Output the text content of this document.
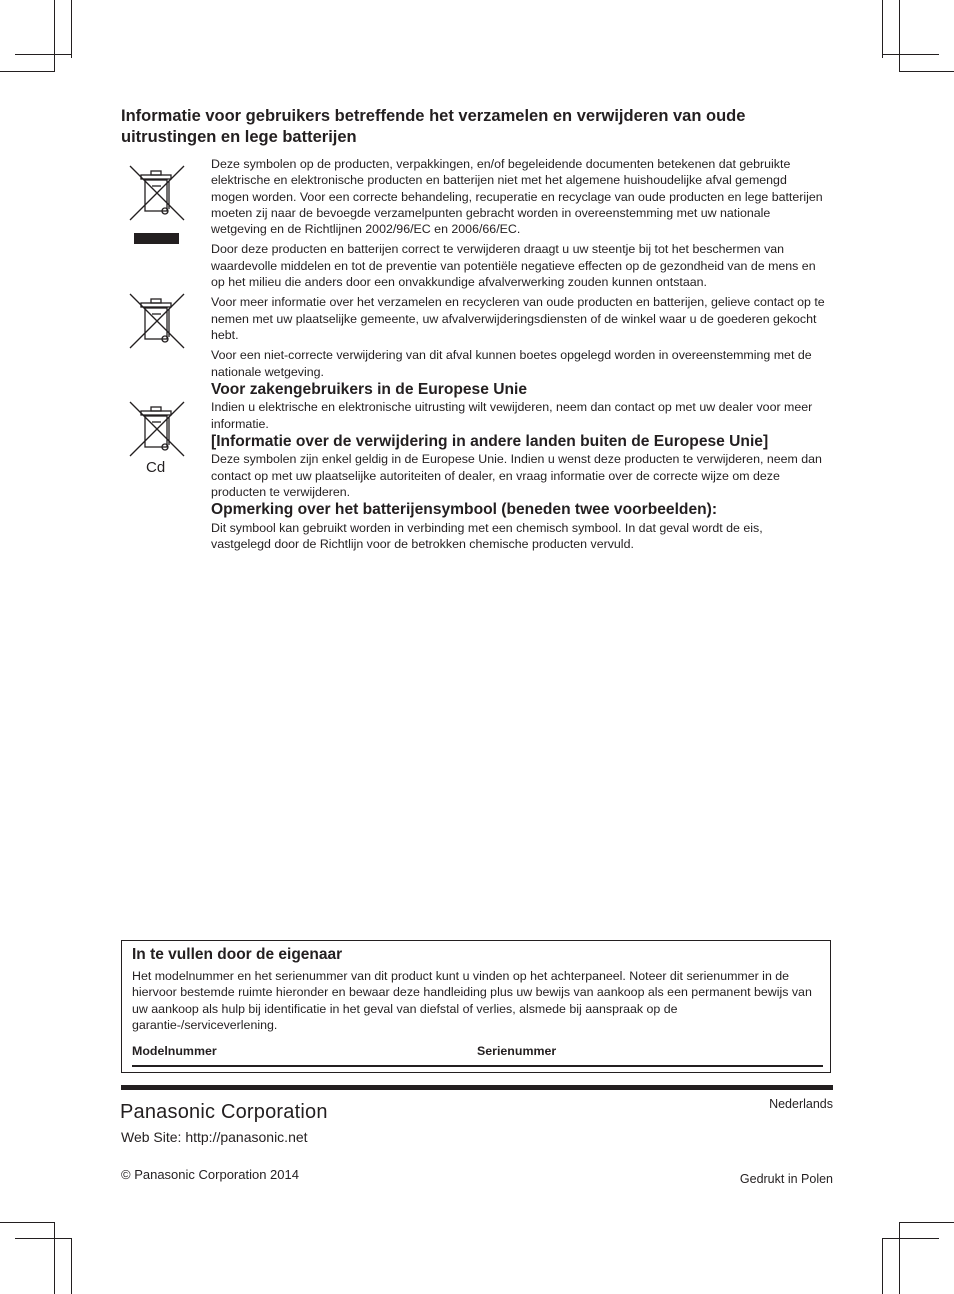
Informatie voor gebruikers betreffende het verzamelen en verwijderen van oude uitrustingen en lege batterijen
Cd

Deze symbolen op de producten, verpakkingen, en/of begeleidende documenten betekenen dat gebruikte elektrische en elektronische producten en batterijen niet met het algemene huishoudelijke afval gemengd mogen worden. Voor een correcte behandeling, recuperatie en recyclage van oude producten en lege batterijen moeten zij naar de bevoegde verzamelpunten gebracht worden in overeenstemming met uw nationale wetgeving en de Richtlijnen 2002/96/EC en 2006/66/EC.

Door deze producten en batterijen correct te verwijderen draagt u uw steentje bij tot het beschermen van waardevolle middelen en tot de preventie van potentiële negatieve effecten op de gezondheid van de mens en op het milieu die anders door een onvakkundige afvalverwerking zouden kunnen ontstaan.

Voor meer informatie over het verzamelen en recycleren van oude producten en batterijen, gelieve contact op te nemen met uw plaatselijke gemeente, uw afvalverwijderingsdiensten of de winkel waar u de goederen gekocht hebt.

Voor een niet-correcte verwijdering van dit afval kunnen boetes opgelegd worden in overeenstemming met de nationale wetgeving.

Voor zakengebruikers in de Europese Unie

Indien u elektrische en elektronische uitrusting wilt vewijderen, neem dan contact op met uw dealer voor meer informatie.

[Informatie over de verwijdering in andere landen buiten de Europese Unie]

Deze symbolen zijn enkel geldig in de Europese Unie. Indien u wenst deze producten te verwijderen, neem dan contact op met uw plaatselijke autoriteiten of dealer, en vraag informatie over de correcte wijze om deze producten te verwijderen.

Opmerking over het batterijensymbool (beneden twee voorbeelden):

Dit symbool kan gebruikt worden in verbinding met een chemisch symbool. In dat geval wordt de eis, vastgelegd door de Richtlijn voor de betrokken chemische producten vervuld.

In te vullen door de eigenaar

Het modelnummer en het serienummer van dit product kunt u vinden op het achterpaneel. Noteer dit serienummer in de hiervoor bestemde ruimte hieronder en bewaar deze handleiding plus uw bewijs van aankoop als een permanent bewijs van uw aankoop als hulp bij identificatie in het geval van diefstal of verlies, alsmede bij aanspraak op de garantie-/serviceverlening.

Modelnummer	Serienummer
Panasonic Corporation
Web Site: http://panasonic.net
© Panasonic Corporation 2014
Nederlands
Gedrukt in Polen
